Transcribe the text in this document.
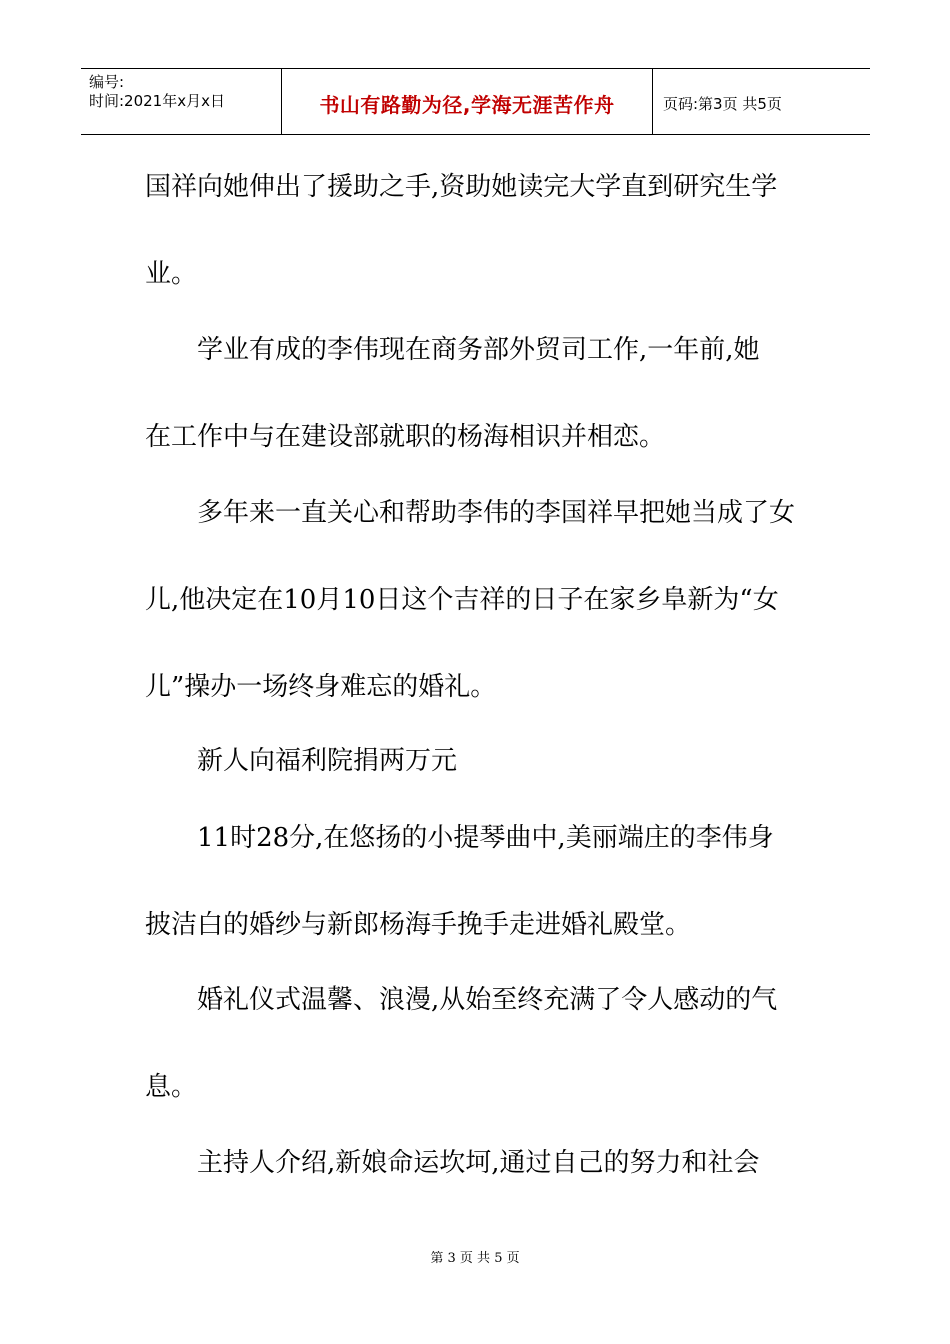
编号:
时间:2021年x月x日	书山有路勤为径,学海无涯苦作舟	页码:第3页 共5页
国祥向她伸出了援助之手,资助她读完大学直到研究生学
业。
学业有成的李伟现在商务部外贸司工作,一年前,她
在工作中与在建设部就职的杨海相识并相恋。
多年来一直关心和帮助李伟的李国祥早把她当成了女
儿,他决定在10月10日这个吉祥的日子在家乡阜新为“女
儿”操办一场终身难忘的婚礼。
新人向福利院捐两万元
11时28分,在悠扬的小提琴曲中,美丽端庄的李伟身
披洁白的婚纱与新郎杨海手挽手走进婚礼殿堂。
婚礼仪式温馨、浪漫,从始至终充满了令人感动的气
息。
主持人介绍,新娘命运坎坷,通过自己的努力和社会
第 3 页 共 5 页
